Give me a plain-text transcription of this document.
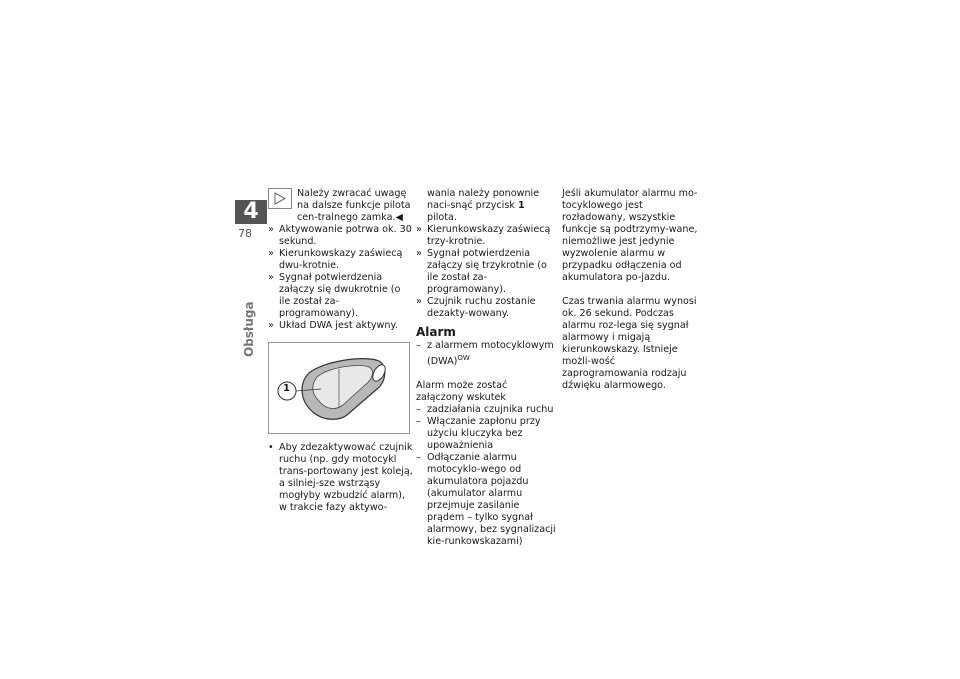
4
78
Obsługa

Należy zwracać uwagę na dalsze funkcje pilota cen-tralnego zamka.◀

» Aktywowanie potrwa ok. 30 sekund.
» Kierunkowskazy zaświecą dwu-krotnie.
» Sygnał potwierdzenia załączy się dwukrotnie (o ile został za-programowany).
» Układ DWA jest aktywny.
1
• Aby zdezaktywować czujnik ruchu (np. gdy motocykl trans-portowany jest koleją, a silniej-sze wstrząsy mogłyby wzbudzić alarm), w trakcie fazy aktywo-

wania należy ponownie naci-snąć przycisk 1 pilota.

» Kierunkowskazy zaświecą trzy-krotnie.
» Sygnał potwierdzenia załączy się trzykrotnie (o ile został za-programowany).
» Czujnik ruchu zostanie dezakty-wowany.
Alarm
– z alarmem motocyklowym (DWA)$^{OW}$

Alarm może zostać załączony wskutek

– zadziałania czujnika ruchu
– Włączanie zapłonu przy użyciu kluczyka bez upoważnienia
– Odłączanie alarmu motocyklo-wego od akumulatora pojazdu (akumulator alarmu przejmuje zasilanie prądem – tylko sygnał alarmowy, bez sygnalizacji kie-runkowskazami)

Jeśli akumulator alarmu mo-tocyklowego jest rozładowany, wszystkie funkcje są podtrzymy-wane, niemożliwe jest jedynie wyzwolenie alarmu w przypadku odłączenia od akumulatora po-jazdu.

Czas trwania alarmu wynosi ok. 26 sekund. Podczas alarmu roz-lega się sygnał alarmowy i migają kierunkowskazy. Istnieje możli-wość zaprogramowania rodzaju dźwięku alarmowego.
